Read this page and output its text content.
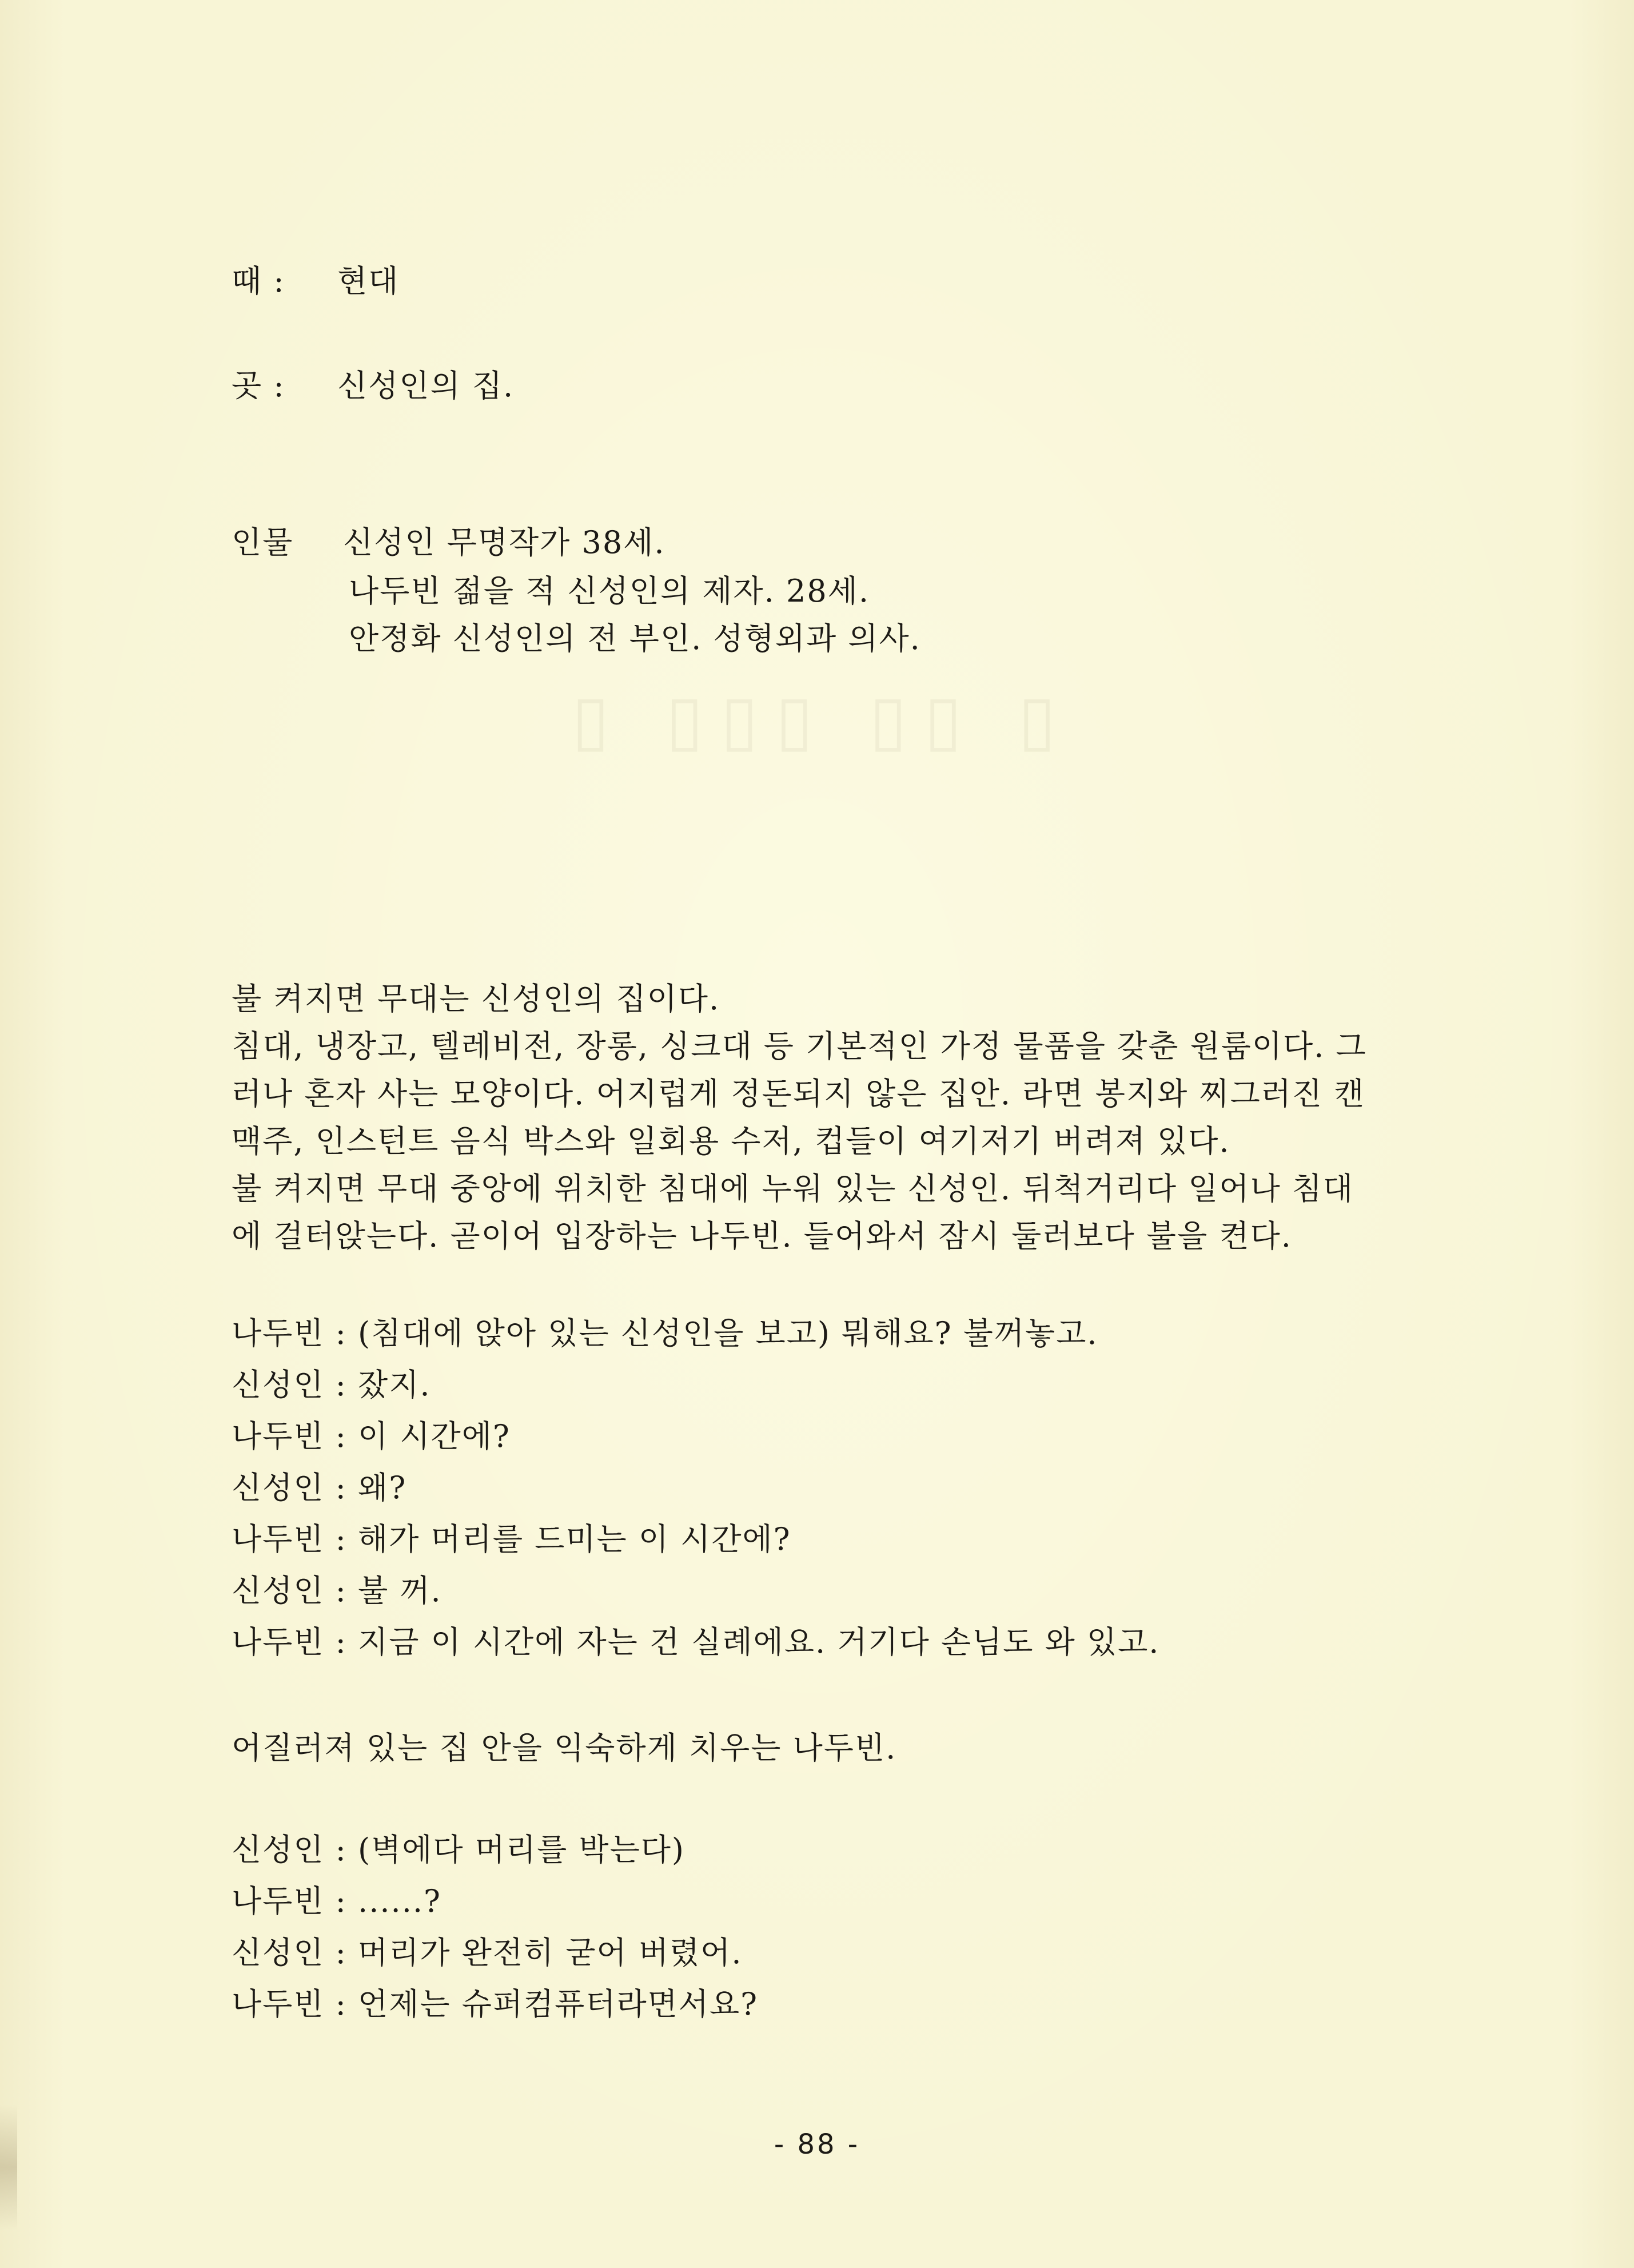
▯ ▯▯▯ ▯▯ ▯
때 : 현대
곳 : 신성인의 집.
인물 신성인 무명작가 38세.
나두빈 젊을 적 신성인의 제자. 28세.
안정화 신성인의 전 부인. 성형외과 의사.
불 켜지면 무대는 신성인의 집이다.
침대, 냉장고, 텔레비전, 장롱, 싱크대 등 기본적인 가정 물품을 갖춘 원룸이다. 그
러나 혼자 사는 모양이다. 어지럽게 정돈되지 않은 집안. 라면 봉지와 찌그러진 캔
맥주, 인스턴트 음식 박스와 일회용 수저, 컵들이 여기저기 버려져 있다.
불 켜지면 무대 중앙에 위치한 침대에 누워 있는 신성인. 뒤척거리다 일어나 침대
에 걸터앉는다. 곧이어 입장하는 나두빈. 들어와서 잠시 둘러보다 불을 켠다.
나두빈 : (침대에 앉아 있는 신성인을 보고) 뭐해요? 불꺼놓고.
신성인 : 잤지.
나두빈 : 이 시간에?
신성인 : 왜?
나두빈 : 해가 머리를 드미는 이 시간에?
신성인 : 불 꺼.
나두빈 : 지금 이 시간에 자는 건 실례에요. 거기다 손님도 와 있고.
어질러져 있는 집 안을 익숙하게 치우는 나두빈.
신성인 : (벽에다 머리를 박는다)
나두빈 : ......?
신성인 : 머리가 완전히 굳어 버렸어.
나두빈 : 언제는 슈퍼컴퓨터라면서요?
- 88 -
